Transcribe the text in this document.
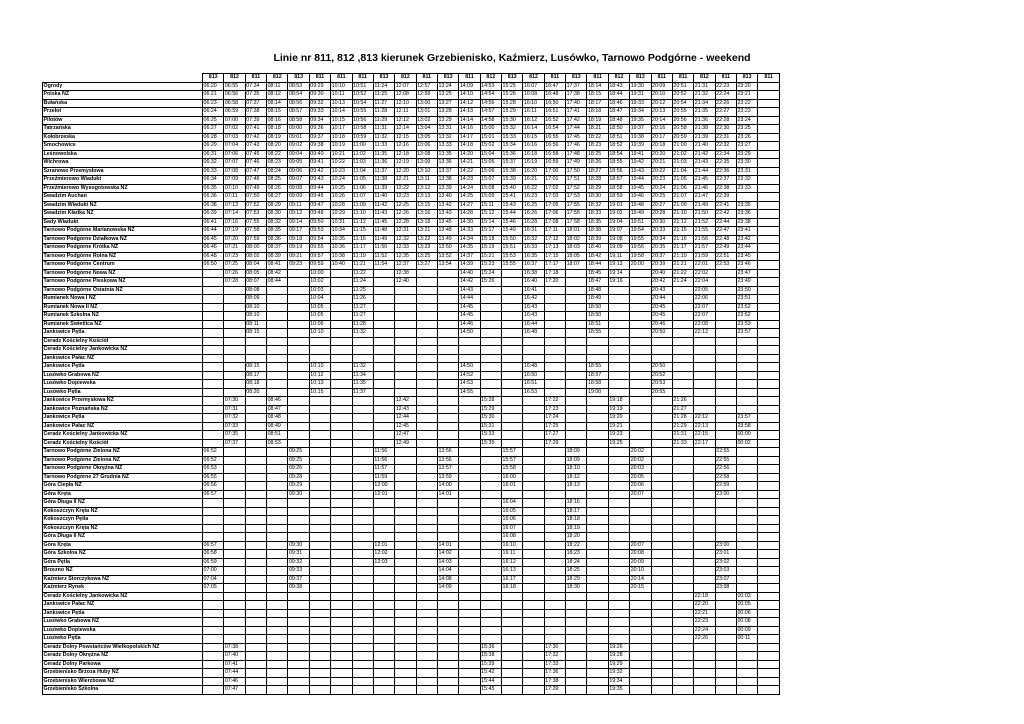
Linie nr 811, 812 ,813 kierunek Grzebienisko, Kaźmierz, Lusówko, Tarnowo Podgórne - weekend
	813	812	811	812	813	811	811	811	813	812	811	813	811	812	813	812	811	813	811	812	813	811	811	812	811	813	811
Ogrody	06:20	06:55	07:34	08:11	08:53	09:29	10:10	10:51	11:24	12:07	12:57	13:24	14:09	14:53	15:25	16:07	16:47	17:37	18:14	18:43	19:30	20:09	20:51	21:31	22:23	23:20	
Polska NŻ	06:21	06:56	07:35	08:12	08:54	09:30	10:11	10:52	11:25	12:08	12:58	13:25	14:10	14:54	15:26	16:08	16:48	17:38	18:15	18:44	19:31	20:10	20:52	21:32	22:24	23:21	
Bułańska	06:23	06:58	07:37	08:14	08:56	09:32	10:13	10:54	11:27	12:10	13:00	13:27	14:12	14:56	15:28	16:10	16:50	17:40	18:17	18:46	19:33	20:12	20:54	21:34	22:26	23:22	
Przełot	06:24	06:59	07:38	08:15	08:57	09:33	10:14	10:55	11:28	12:11	13:01	13:28	14:13	14:57	15:29	16:11	16:51	17:41	18:18	18:47	19:34	20:13	20:55	21:35	22:27	23:23	
Pilotów	06:25	07:00	07:39	08:16	08:58	09:34	10:15	10:56	11:29	12:12	13:02	13:29	14:14	14:58	15:30	16:12	16:52	17:42	18:19	18:48	19:35	20:14	20:56	21:36	22:28	23:24	
Tatrzańska	06:27	07:02	07:41	08:18	09:00	09:36	10:17	10:58	11:31	12:14	13:04	13:31	14:16	15:00	15:32	16:14	16:54	17:44	18:21	18:50	19:37	20:16	20:58	21:38	22:30	23:25	
Kołobrzeska	06:28	07:03	07:42	08:19	09:01	09:37	10:18	10:59	11:32	12:15	13:05	13:32	14:17	15:01	15:33	16:15	16:55	17:45	18:22	18:51	19:38	20:17	20:59	21:39	22:31	23:26	
Smochowice	06:29	07:04	07:43	08:20	09:02	09:38	10:19	11:00	11:33	12:16	13:06	13:33	14:18	15:02	15:34	16:16	16:56	17:46	18:23	18:52	19:39	20:18	21:00	21:40	22:32	23:27	
Leśnowolska	06:31	07:06	07:45	08:22	09:04	09:40	10:21	11:02	11:35	12:18	13:08	13:35	14:20	15:04	15:36	16:18	16:58	17:48	18:25	18:54	19:41	20:20	21:02	21:42	22:34	23:29	
Wichrowa	06:32	07:07	07:46	08:23	09:05	09:41	10:22	11:03	11:36	12:19	13:09	13:36	14:21	15:05	15:37	16:19	16:59	17:49	18:26	18:55	19:42	20:21	21:03	21:43	22:35	23:30	
Szranowo Przemysłowa	06:33	07:08	07:47	08:24	09:06	09:42	10:23	11:04	11:37	12:20	13:10	13:37	14:22	15:06	15:38	16:20	17:00	17:50	18:27	18:56	19:43	20:22	21:04	21:44	22:36	23:31	
Przeźmierowo Wiadukt	06:34	07:09	07:48	08:25	09:07	09:43	10:24	11:05	11:38	12:21	13:11	13:38	14:23	15:07	15:39	16:21	17:01	17:51	18:28	18:57	19:44	20:23	21:05	21:45	22:37	23:32	
Przeźmierowo Wysogotowska NŻ	06:35	07:10	07:49	08:26	09:08	09:44	10:25	11:06	11:39	12:22	13:12	13:39	14:24	15:08	15:40	16:22	17:02	17:52	18:29	18:58	19:45	20:24	21:06	21:46	22:38	23:33	
Swadzim Auchan	06:36	07:11	07:50	08:27	09:09	09:45	10:26	11:07	11:40	12:23	13:13	13:40	14:25	15:09	15:41	16:23	17:03	17:53	18:30	18:59	19:46	20:25	21:07	21:47	22:39		
Swadzim Wiadukt NŻ	06:38	07:13	07:52	08:29	09:11	09:47	10:28	11:09	11:42	12:25	13:15	13:42	14:27	15:11	15:43	16:25	17:05	17:55	18:32	19:01	19:48	20:27	21:09	21:49	22:41	23:35	
Swadzim Kładka NŻ	06:39	07:14	07:53	08:30	09:12	09:48	10:29	11:10	11:43	12:26	13:16	13:43	14:28	15:12	15:44	16:26	17:06	17:56	18:33	19:02	19:49	20:28	21:10	21:50	22:42	23:36	
Sady Wiadukt	06:41	07:16	07:55	08:32	09:14	09:50	10:31	11:12	11:45	12:28	13:18	13:45	14:30	15:14	15:46	16:28	17:08	17:58	18:35	19:04	19:51	20:30	21:12	21:52	22:44	23:38	
Tarnowo Podgórne Marianowska NŻ	06:44	07:19	07:58	08:35	09:17	09:53	10:34	11:15	11:48	12:31	13:21	13:48	14:33	15:17	15:49	16:31	17:11	18:01	18:38	19:07	19:54	20:33	21:15	21:55	22:47	23:41	
Tarnowo Podgórne Działkowa NŻ	06:45	07:20	07:59	08:36	09:18	09:54	10:35	11:16	11:49	12:32	13:22	13:49	14:34	15:18	15:50	16:32	17:12	18:02	18:39	19:08	19:55	20:34	21:16	21:56	22:48	23:42	
Tarnowo Podgórne Krótka NŻ	06:46	07:21	08:00	08:37	09:19	09:55	10:36	11:17	11:50	12:33	13:23	13:50	14:35	15:19	15:51	16:33	17:13	18:03	18:40	19:09	19:56	20:35	21:17	21:57	22:49	23:44	
Tarnowo Podgórne Rolna NŻ	06:48	07:23	08:02	08:39	09:21	09:57	10:38	11:19	11:52	12:35	13:25	13:52	14:37	15:21	15:53	16:35	17:15	18:05	18:42	19:11	19:58	20:37	21:19	21:59	22:51	23:45	
Tarnowo Podgórne Centrum	06:50	07:25	08:04	08:41	09:23	09:59	10:40	11:21	11:54	12:37	13:27	13:54	14:39	15:23	15:55	16:37	17:17	18:07	18:44	19:13	20:00	20:39	21:21	22:01	22:53	23:46	
Tarnowo Podgórne Nowa NŻ		07:26	08:05	08:42		10:00		11:22		12:38			14:40	15:24		16:38	17:18		18:45	19:14		20:40	21:22	22:02		23:47	
Tarnowo Podgórne Pieskowa NŻ		07:28	08:07	08:44		10:02		11:24		12:40			14:42	15:26		16:40	17:20		18:47	19:16		20:42	21:24	22:04		23:49	
Tarnowo Podgórne Ostatnia NŻ			08:08			10:03		11:25					14:43			16:41			18:48			20:43		22:05		23:50	
Rumianek Nowa I NŻ			08:09			10:04		11:26					14:44			16:42			18:49			20:44		22:06		23:51	
Rumianek Nowa II NŻ			08:10			10:05		11:27					14:45			16:43			18:50			20:45		22:07		23:52	
Rumianek Szkolna NŻ			08:10			10:05		11:27					14:45			16:43			18:50			20:45		22:07		23:52	
Rumianek Świetlica NŻ			08:11			10:06		11:28					14:46			16:44			18:51			20:46		22:08		23:53	
Jankowice Pętla			08:15			10:10		11:32					14:50			16:48			18:55			20:50		22:12		23:57	
Ceradz Kościelny Kościół																											
Ceradz Kościelny Jankowicka NŻ																											
Jankowice Pałac NŻ																											
Jankowice Pętla			08:15			10:10		11:32					14:50			16:48			18:55			20:50					
Lusówko Grabowa NŻ			08:17			10:12		11:34					14:52			16:50			18:57			20:52					
Lusówko Dopiewska			08:18			10:13		11:35					14:53			16:51			18:58			20:53					
Lusówko Pętla			08:20			10:15		11:37					14:55			16:53			19:00			20:55					
Jankowice Przemysłowa NŻ		07:30		08:46						12:42				15:28			17:22			19:18			21:26				
Jankowice Poznańska NŻ		07:31		08:47						12:43				15:29			17:23			19:19			21:27				
Jankowice Pętla		07:32		08:48						12:44				15:30			17:24			19:20			21:28	22:12		23:57	
Jankowice Pałac NŻ		07:33		08:49						12:45				15:31			17:25			19:21			21:29	22:13		23:58	
Ceradz Kościelny Jankowicka NŻ		07:35		08:51						12:47				15:33			17:27			19:23			21:31	22:15		00:00	
Ceradz Kościelny Kościół		07:37		08:53						12:49				15:35			17:29			19:25			21:33	22:17		00:02	
Tarnowo Podgórne Zielona NŻ	06:52				09:25				11:56			13:56			15:57			18:09			20:02				22:55		
Tarnowo Podgórne Zielona NŻ	06:52				09:25				11:56			13:56			15:57			18:09			20:02				22:55		
Tarnowo Podgórne Okrężna NŻ	06:53				09:26				11:57			13:57			15:58			18:10			20:03				22:56		
Tarnowo Podgórne 27 Grudnia NŻ	06:55				09:28				11:59			13:59			16:00			18:12			20:05				22:58		
Góra Ciepła NŻ	06:56				09:29				12:00			14:00			16:01			18:13			20:06				22:59		
Góra Kręta	06:57				09:30				12:01			14:01									20:07				23:00		
Góra Długa II NŻ															16:04			18:16									
Kokoszczyn Kręta NŻ															16:05			18:17									
Kokoszczyn Pętla															16:06			18:18									
Kokoszczyn Kręta NŻ															16:07			18:19									
Góra Długa II NŻ															16:08			18:20									
Góra Kręta	06:57				09:30				12:01			14:01			16:10			18:22			20:07				23:00		
Góra Szkolna NŻ	06:58				09:31				12:02			14:02			16:11			18:23			20:08				23:01		
Góra Pętla	06:59				09:32				12:03			14:03			16:12			18:24			20:09				23:02		
Brzezno NŻ	07:00				09:33							14:04			16:13			18:25			20:10				23:03		
Kaźmierz Storczykowa NŻ	07:04				09:37							14:08			16:17			18:29			20:14				23:07		
Kaźmierz Rynek	07:05				09:38							14:09			16:18			18:30			20:15				23:08		
Ceradz Kościelny Jankowicka NŻ																								22:18		00:03	
Jankowice Pałac NŻ																								22:20		00:05	
Jankowice Pętla																								22:21		00:06	
Lusówko Grabowa NŻ																								22:23		00:08	
Lusówko Dopiewska																								22:24		00:09	
Lusówko Pętla																								22:26		00:11	
Ceradz Dolny Powstańców Wielkopolskich NŻ		07:38												15:36			17:30			19:26							
Ceradz Dolny Okrężna NŻ		07:40												15:38			17:32			19:28							
Ceradz Dolny Parkowa		07:41												15:39			17:33			19:29							
Grzebienisko Brzoza Huby NŻ		07:44												15:42			17:36			19:32							
Grzebienisko Wierzbowa NŻ		07:46												15:44			17:38			19:34							
Grzebienisko Szkolna		07:47												15:45			17:39			19:35							
